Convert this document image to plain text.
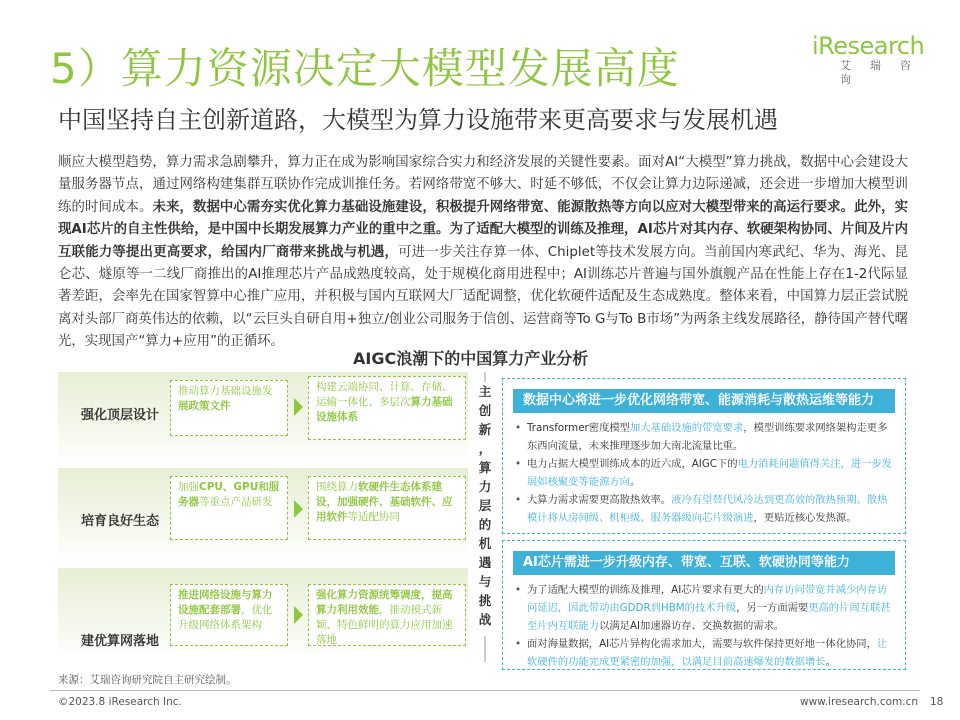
5）算力资源决定大模型发展高度
中国坚持自主创新道路，大模型为算力设施带来更高要求与发展机遇
iResearch
艾瑞咨询
顺应大模型趋势，算力需求急剧攀升，算力正在成为影响国家综合实力和经济发展的关键性要素。面对AI“大模型”算力挑战，数据中心会建设大量服务器节点，通过网络构建集群互联协作完成训推任务。若网络带宽不够大、时延不够低，不仅会让算力边际递减，还会进一步增加大模型训练的时间成本。未来，数据中心需夯实优化算力基础设施建设，积极提升网络带宽、能源散热等方向以应对大模型带来的高运行要求。此外，实现AI芯片的自主性供给，是中国中长期发展算力产业的重中之重。为了适配大模型的训练及推理，AI芯片对其内存、软硬架构协同、片间及片内互联能力等提出更高要求，给国内厂商带来挑战与机遇，可进一步关注存算一体、Chiplet等技术发展方向。当前国内寒武纪、华为、海光、昆仑芯、燧原等一二线厂商推出的AI推理芯片产品成熟度较高，处于规模化商用进程中；AI训练芯片普遍与国外旗舰产品在性能上存在1-2代际显著差距，会率先在国家智算中心推广应用，并积极与国内互联网大厂适配调整，优化软硬件适配及生态成熟度。整体来看，中国算力层正尝试脱离对头部厂商英伟达的依赖，以“云巨头自研自用+独立/创业公司服务于信创、运营商等To G与To B市场”为两条主线发展路径，静待国产替代曙光，实现国产“算力+应用”的正循环。
AIGC浪潮下的中国算力产业分析
强化顶层设计
推动算力基础设施发展政策文件
构建云端协同、计算、存储、运输一体化、多层次算力基础设施体系
培育良好生态
加强CPU、GPU和服务器等重点产品研发
围绕算力软硬件生态体系建设，加强硬件、基础软件、应用软件等适配协同
建优算网落地
推进网络设施与算力设施配套部署，优化升级网络体系架构
强化算力资源统筹调度，提高算力利用效能，推动模式新颖、特色鲜明的算力应用加速落地
主
创
新
，
算
力
层
的
机
遇
与
挑
战
数据中心将进一步优化网络带宽、能源消耗与散热运维等能力
• Transformer密度模型加大基础设施的带宽要求，模型训练要求网络架构走更多东西向流量，未来推理逐步加大南北流量比重。
• 电力占据大模型训练成本的近六成，AIGC下的电力消耗问题值得关注，进一步发展如核聚变等能源方向。
• 大算力需求需要更高散热效率。液冷有望替代风冷达到更高效的散热预期。散热模计将从房间级、机柜级、服务器级向芯片级演进，更贴近核心发热源。
AI芯片需进一步升级内存、带宽、互联、软硬协同等能力
• 为了适配大模型的训练及推理，AI芯片要求有更大的内存访问带宽并减少内存访问延迟，因此带动由GDDR到HBM的技术升级，另一方面需要更高的片间互联甚至片内互联能力以满足AI加速器访存、交换数据的需求。
• 面对海量数据，AI芯片异构化需求加大，需要与软件保持更好地一体化协同，让软硬件的功能完成更紧密的加强，以满足目前高速爆发的数据增长。
来源：艾瑞咨询研究院自主研究绘制。
©2023.8 iResearch Inc.	www.iresearch.com.cn 18
